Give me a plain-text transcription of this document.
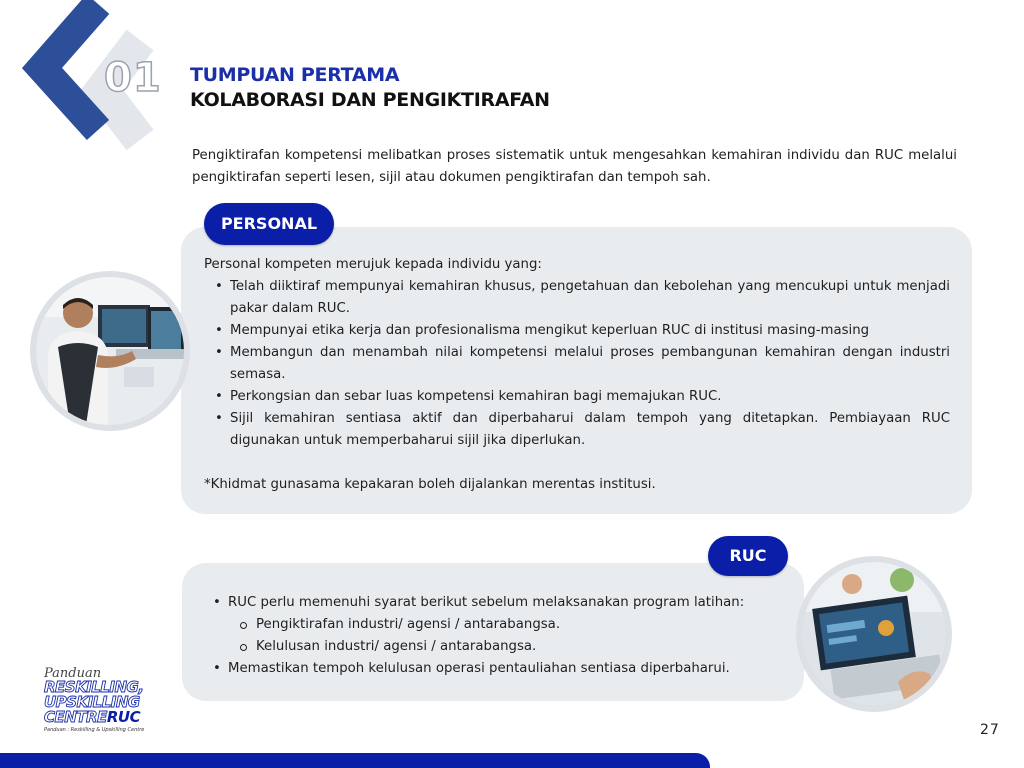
01 TUMPUAN PERTAMA
KOLABORASI DAN PENGIKTIRAFAN
Pengiktirafan kompetensi melibatkan proses sistematik untuk mengesahkan kemahiran individu dan RUC melalui pengiktirafan seperti lesen, sijil atau dokumen pengiktirafan dan tempoh sah.
PERSONAL
Personal kompeten merujuk kepada individu yang:
• Telah diiktiraf mempunyai kemahiran khusus, pengetahuan dan kebolehan yang mencukupi untuk menjadi pakar dalam RUC.
• Mempunyai etika kerja dan profesionalisma mengikut keperluan RUC di institusi masing-masing
• Membangun dan menambah nilai kompetensi melalui proses pembangunan kemahiran dengan industri semasa.
• Perkongsian dan sebar luas kompetensi kemahiran bagi memajukan RUC.
• Sijil kemahiran sentiasa aktif dan diperbaharui dalam tempoh yang ditetapkan. Pembiayaan RUC digunakan untuk memperbaharui sijil jika diperlukan.
*Khidmat gunasama kepakaran boleh dijalankan merentas institusi.
RUC
• RUC perlu memenuhi syarat berikut sebelum melaksanakan program latihan:
Pengiktirafan industri/ agensi / antarabangsa.
Kelulusan industri/ agensi / antarabangsa.
• Memastikan tempoh kelulusan operasi pentauliahan sentiasa diperbaharui.
Panduan
RESKILLING,
UPSKILLING
CENTRERUC
Panduan : Reskilling & Upskilling Centre	27
